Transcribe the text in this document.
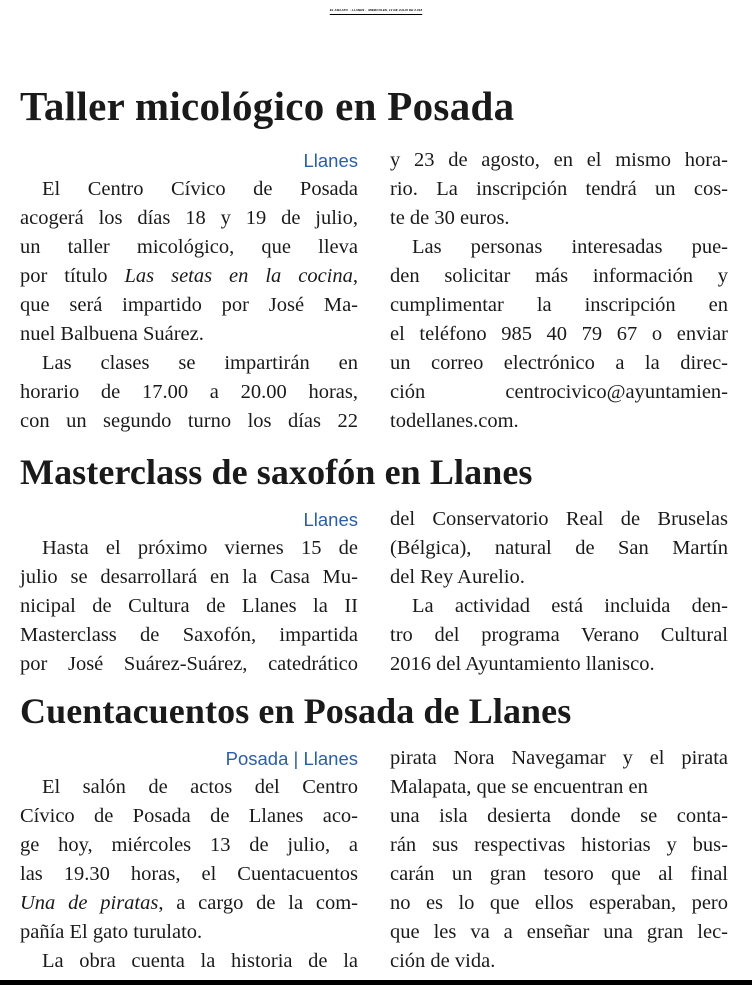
EL FIELATO  - LLANES -  MIERCOLES, 13 DE JULIO DE 2.016
Taller micológico en Posada
Llanes

El Centro Cívico de Posada

acogerá los días 18 y 19 de julio,

un taller micológico, que lleva

por título Las setas en la cocina,

que será impartido por José Ma-

nuel Balbuena Suárez.

Las clases se impartirán en

horario de 17.00 a 20.00 horas,

con un segundo turno los días 22

y 23 de agosto, en el mismo hora-

rio. La inscripción tendrá un cos-

te de 30 euros.

Las personas interesadas pue-

den solicitar más información y

cumplimentar la inscripción en

el teléfono 985 40 79 67 o enviar

un correo electrónico a la direc-

ción centrocivico@ayuntamien-

todellanes.com.

Masterclass de saxofón en Llanes
Llanes

Hasta el próximo viernes 15 de

julio se desarrollará en la Casa Mu-

nicipal de Cultura de Llanes la II

Masterclass de Saxofón, impartida

por José Suárez-Suárez, catedrático

del Conservatorio Real de Bruselas

(Bélgica), natural de San Martín

del Rey Aurelio.

La actividad está incluida den-

tro del programa Verano Cultural

2016 del Ayuntamiento llanisco.

Cuentacuentos en Posada de Llanes
Posada | Llanes

El salón de actos del Centro

Cívico de Posada de Llanes aco-

ge hoy, miércoles 13 de julio, a

las 19.30 horas, el Cuentacuentos

Una de piratas, a cargo de la com-

pañía El gato turulato.

La obra cuenta la historia de la

pirata Nora Navegamar y el pirata

Malapata, que se encuentran en

una isla desierta donde se conta-

rán sus respectivas historias y bus-

carán un gran tesoro que al final

no es lo que ellos esperaban, pero

que les va a enseñar una gran lec-

ción de vida.
